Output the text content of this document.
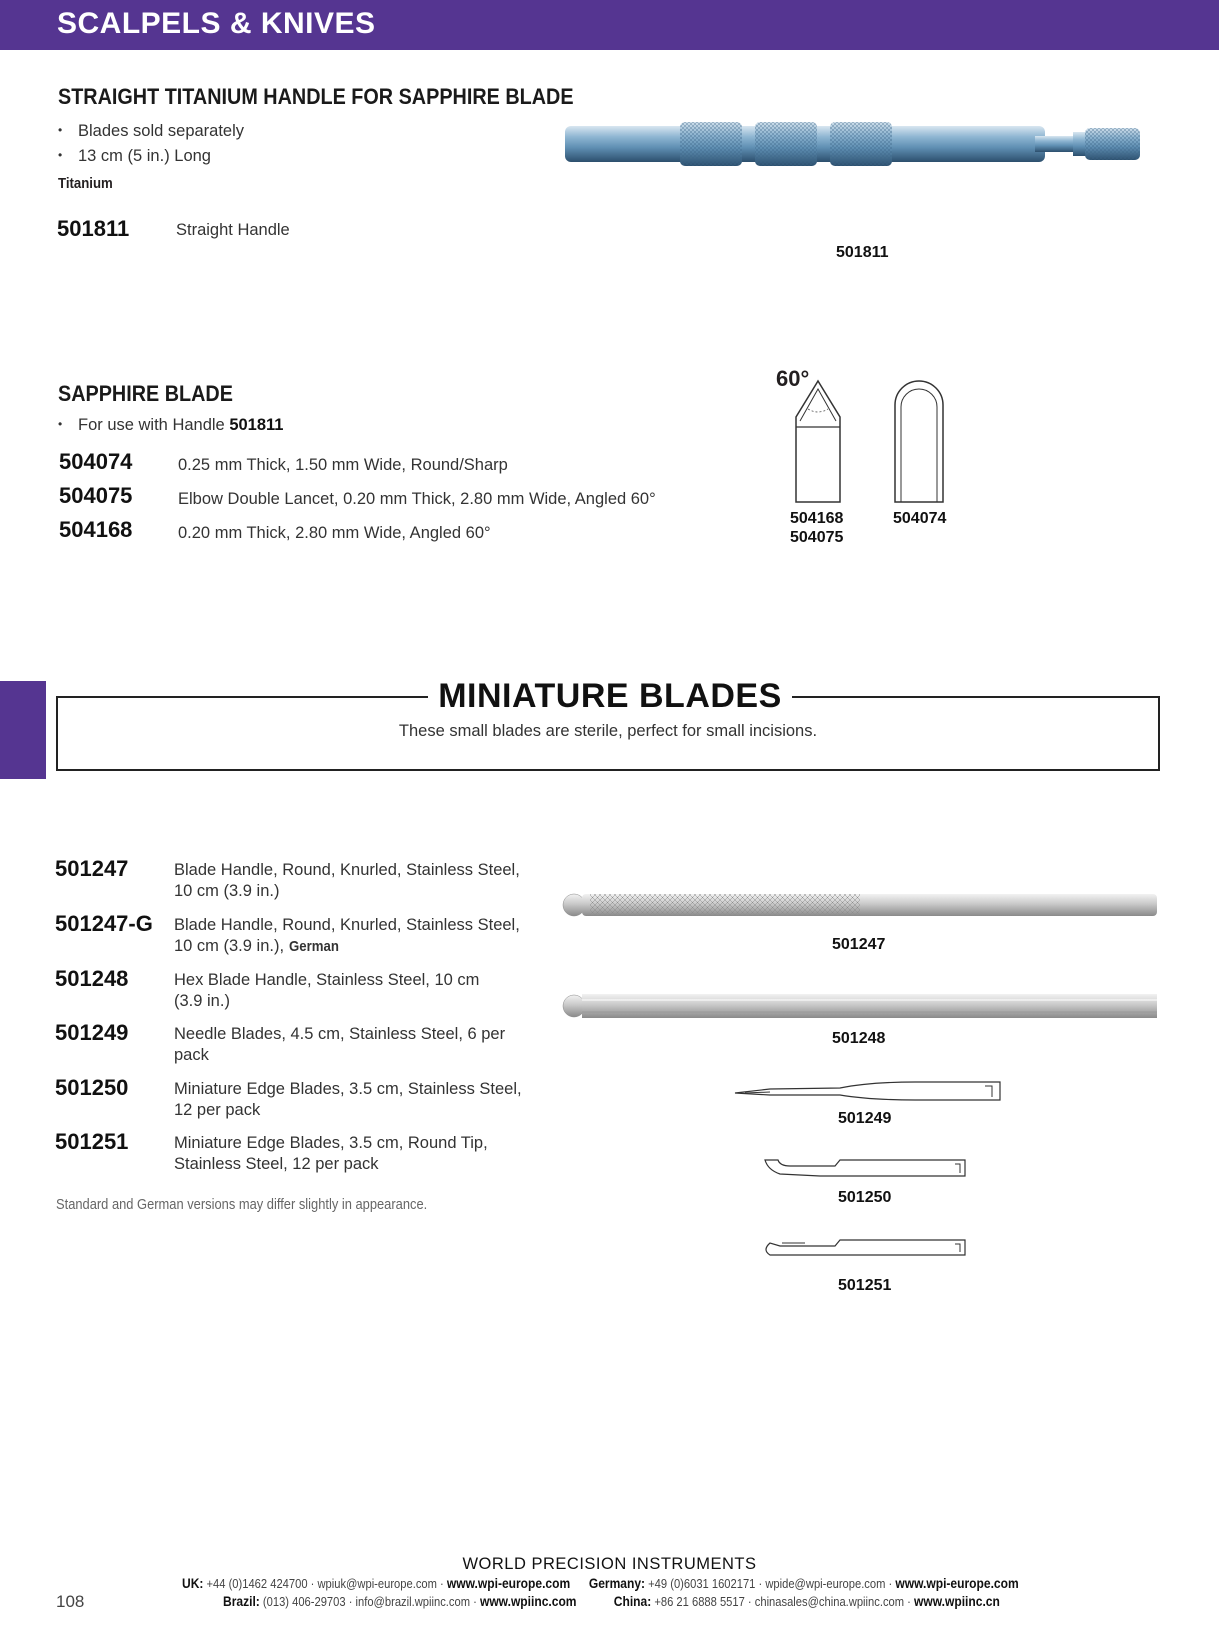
SCALPELS & KNIVES
STRAIGHT TITANIUM HANDLE FOR SAPPHIRE BLADE
• Blades sold separately
• 13 cm (5 in.) Long
Titanium
501811	Straight Handle
501811
SAPPHIRE BLADE
• For use with Handle 501811
504074	0.25 mm Thick, 1.50 mm Wide, Round/Sharp
504075	Elbow Double Lancet, 0.20 mm Thick, 2.80 mm Wide, Angled 60°
504168	0.20 mm Thick, 2.80 mm Wide, Angled 60°
60°
504168
504075
504074
MINIATURE BLADES
These small blades are sterile, perfect for small incisions.
501247	Blade Handle, Round, Knurled, Stainless Steel,
10 cm (3.9 in.)
501247-G Blade Handle, Round, Knurled, Stainless Steel,
10 cm (3.9 in.), German
501248	Hex Blade Handle, Stainless Steel, 10 cm
(3.9 in.)
501249	Needle Blades, 4.5 cm, Stainless Steel, 6 per
pack
501250	Miniature Edge Blades, 3.5 cm, Stainless Steel,
12 per pack
501251	Miniature Edge Blades, 3.5 cm, Round Tip,
Stainless Steel, 12 per pack
Standard and German versions may differ slightly in appearance.
501247
501248
501249
501250
501251
WORLD PRECISION INSTRUMENTS
UK: +44 (0)1462 424700 · wpiuk@wpi-europe.com · www.wpi-europe.com Germany: +49 (0)6031 1602171 · wpide@wpi-europe.com · www.wpi-europe.com
Brazil: (013) 406-29703 · info@brazil.wpiinc.com · www.wpiinc.com	China: +86 21 6888 5517 · chinasales@china.wpiinc.com · www.wpiinc.cn
108
